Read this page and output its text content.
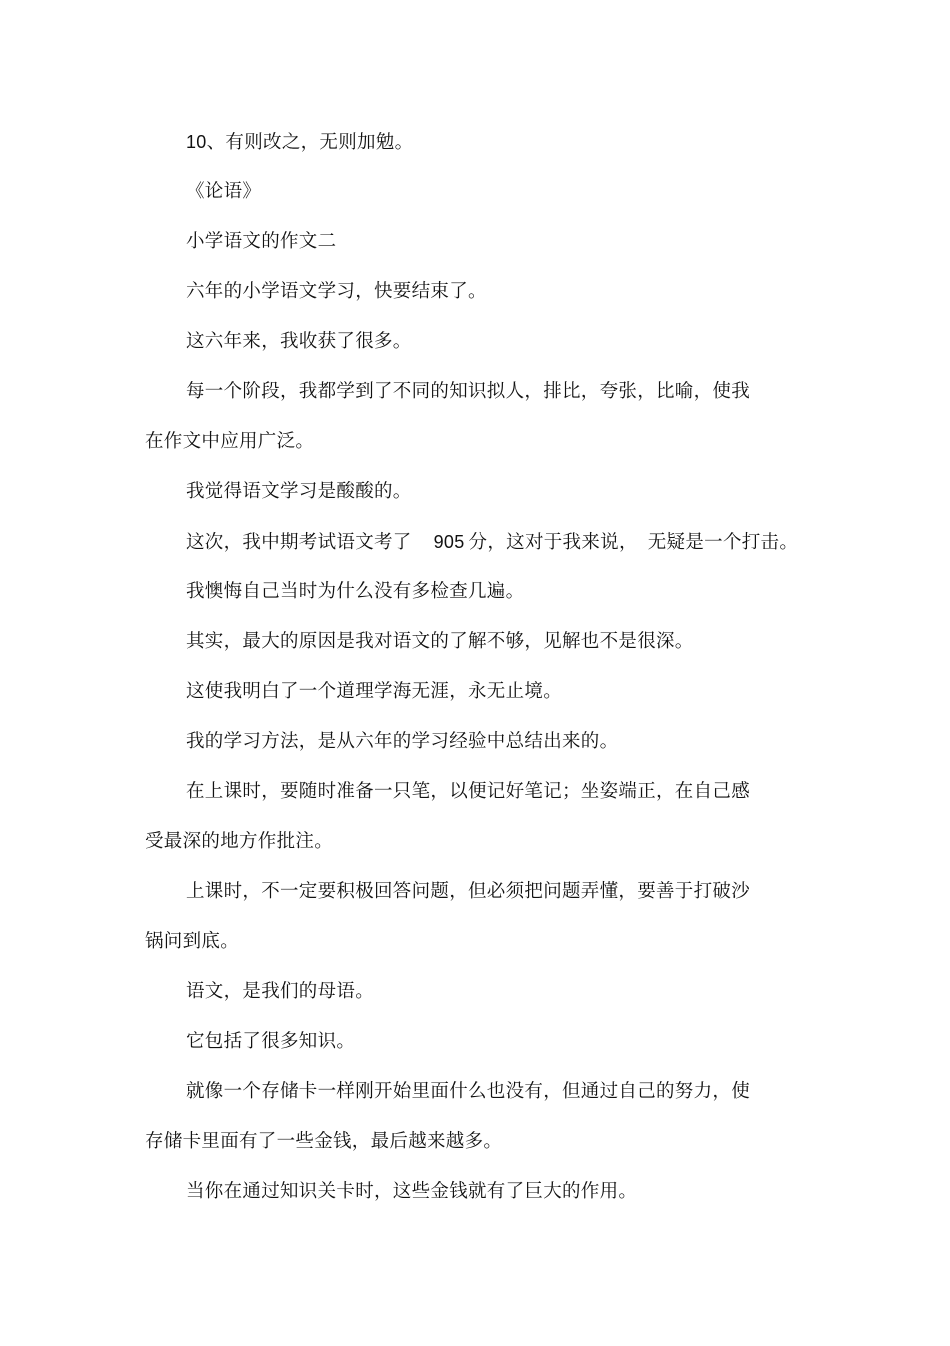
10、有则改之，无则加勉。
《论语》
小学语文的作文二
六年的小学语文学习，快要结束了。
这六年来，我收获了很多。
每一个阶段，我都学到了不同的知识拟人，排比，夸张，比喻，使我
在作文中应用广泛。
我觉得语文学习是酸酸的。
这次，我中期考试语文考了 905 分，这对于我来说， 无疑是一个打击。
我懊悔自己当时为什么没有多检查几遍。
其实，最大的原因是我对语文的了解不够，见解也不是很深。
这使我明白了一个道理学海无涯，永无止境。
我的学习方法，是从六年的学习经验中总结出来的。
在上课时，要随时准备一只笔，以便记好笔记；坐姿端正，在自己感
受最深的地方作批注。
上课时，不一定要积极回答问题，但必须把问题弄懂，要善于打破沙
锅问到底。
语文，是我们的母语。
它包括了很多知识。
就像一个存储卡一样刚开始里面什么也没有，但通过自己的努力，使
存储卡里面有了一些金钱，最后越来越多。
当你在通过知识关卡时，这些金钱就有了巨大的作用。
